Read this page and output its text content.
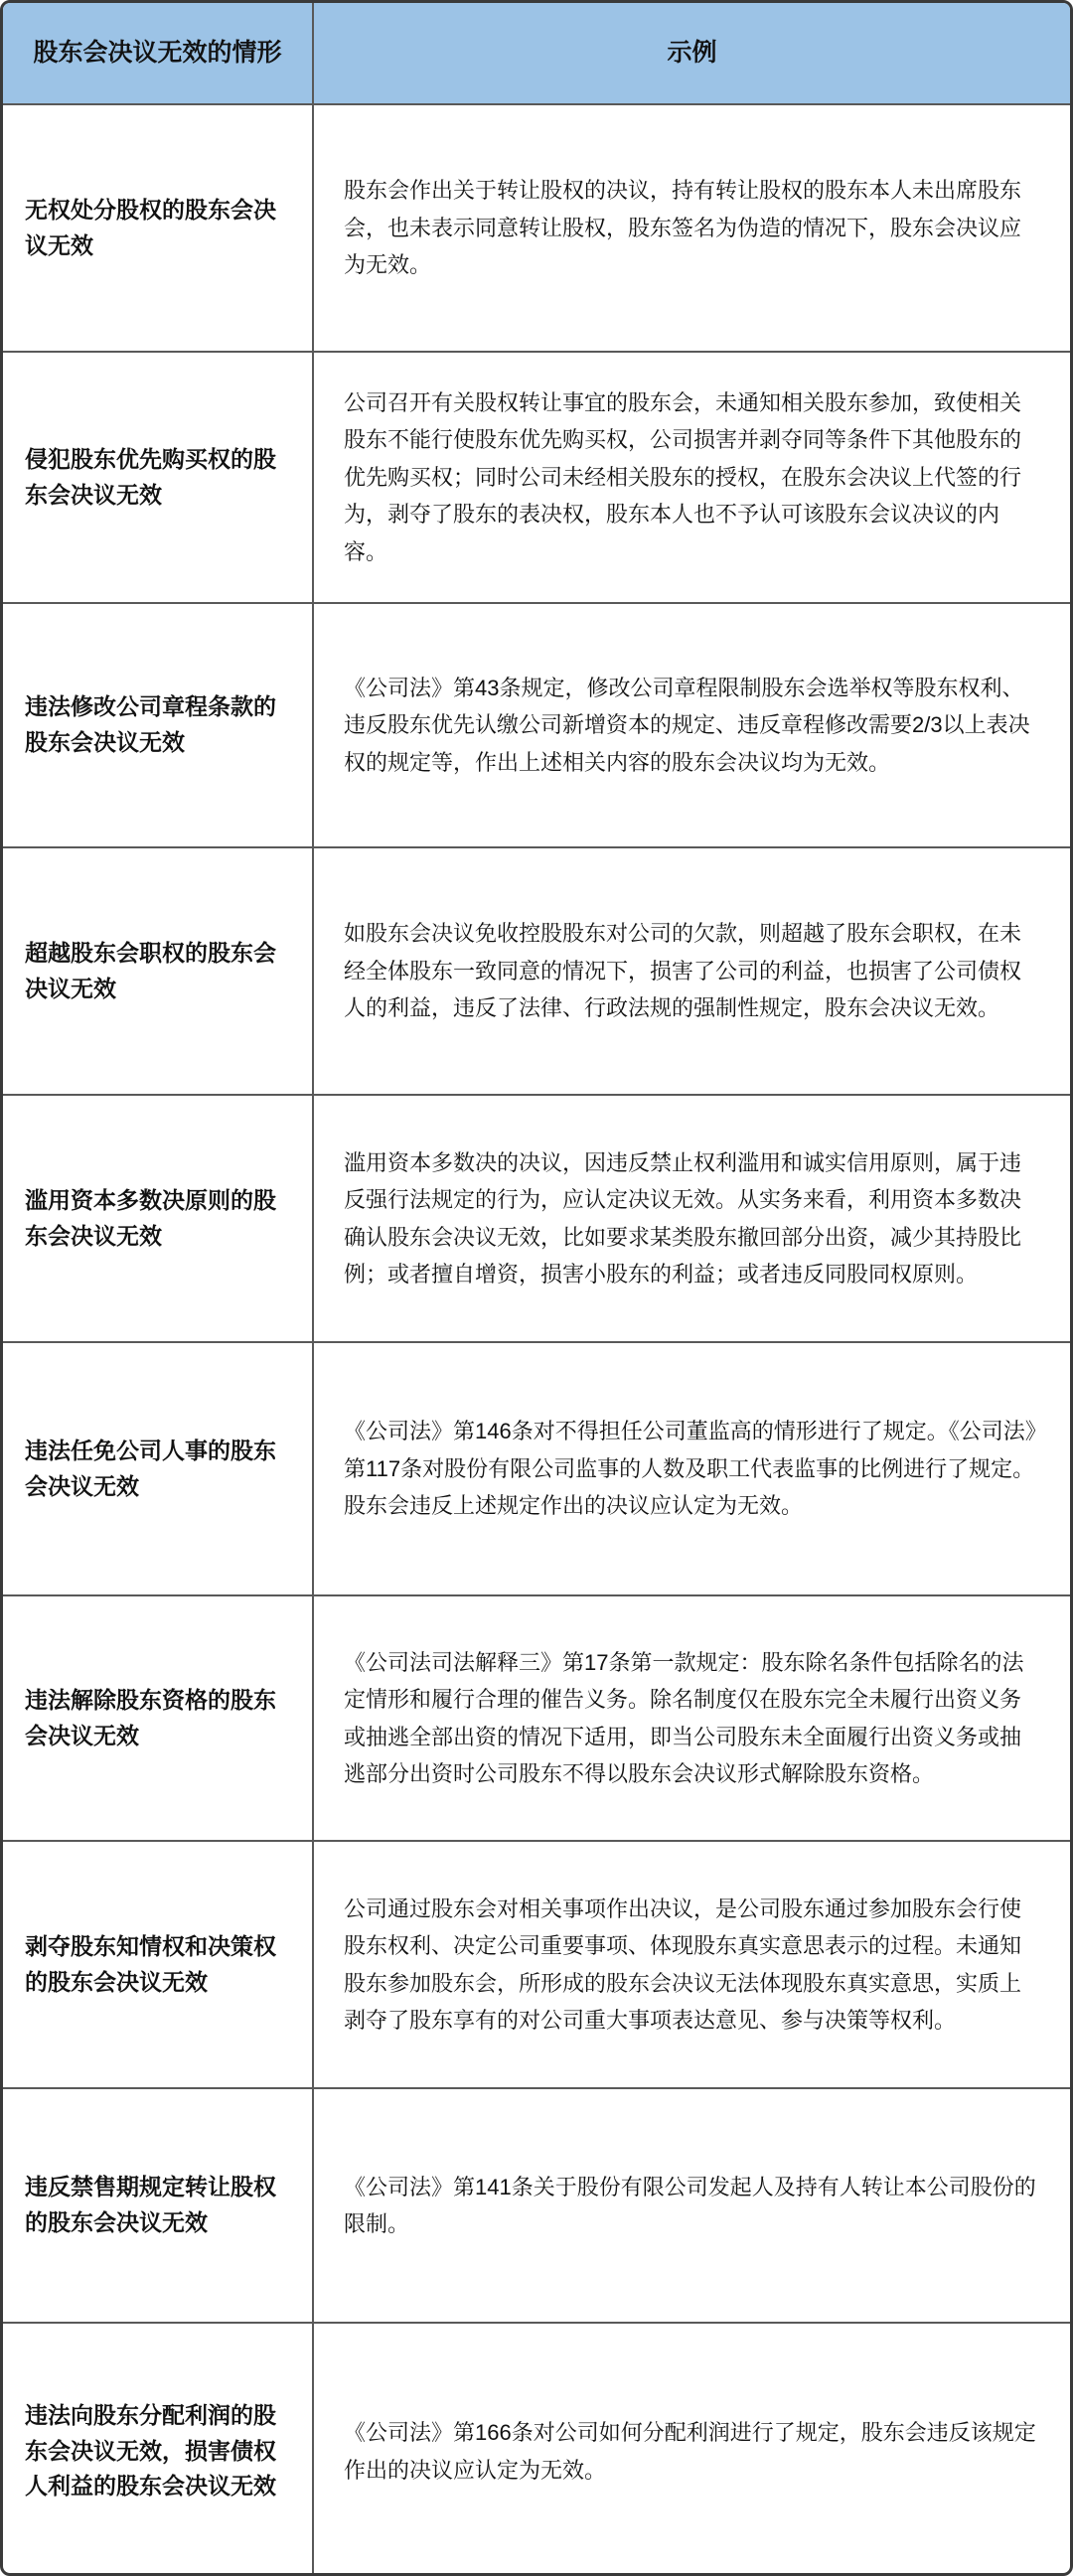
股东会决议无效的情形	示例
无权处分股权的股东会决议无效
股东会作出关于转让股权的决议，持有转让股权的股东本人未出席股东会，也未表示同意转让股权，股东签名为伪造的情况下，股东会决议应为无效。
侵犯股东优先购买权的股东会决议无效
公司召开有关股权转让事宜的股东会，未通知相关股东参加，致使相关股东不能行使股东优先购买权，公司损害并剥夺同等条件下其他股东的优先购买权；同时公司未经相关股东的授权，在股东会决议上代签的行为，剥夺了股东的表决权，股东本人也不予认可该股东会议决议的内容。
违法修改公司章程条款的股东会决议无效
《公司法》第43条规定，修改公司章程限制股东会选举权等股东权利、违反股东优先认缴公司新增资本的规定、违反章程修改需要2/3以上表决权的规定等，作出上述相关内容的股东会决议均为无效。
超越股东会职权的股东会决议无效
如股东会决议免收控股股东对公司的欠款，则超越了股东会职权，在未经全体股东一致同意的情况下，损害了公司的利益，也损害了公司债权人的利益，违反了法律、行政法规的强制性规定，股东会决议无效。
滥用资本多数决原则的股东会决议无效
滥用资本多数决的决议，因违反禁止权利滥用和诚实信用原则，属于违反强行法规定的行为，应认定决议无效。从实务来看，利用资本多数决确认股东会决议无效，比如要求某类股东撤回部分出资，减少其持股比例；或者擅自增资，损害小股东的利益；或者违反同股同权原则。
违法任免公司人事的股东会决议无效
《公司法》第146条对不得担任公司董监高的情形进行了规定。《公司法》第117条对股份有限公司监事的人数及职工代表监事的比例进行了规定。股东会违反上述规定作出的决议应认定为无效。
违法解除股东资格的股东会决议无效
《公司法司法解释三》第17条第一款规定：股东除名条件包括除名的法定情形和履行合理的催告义务。除名制度仅在股东完全未履行出资义务或抽逃全部出资的情况下适用，即当公司股东未全面履行出资义务或抽逃部分出资时公司股东不得以股东会决议形式解除股东资格。
剥夺股东知情权和决策权的股东会决议无效
公司通过股东会对相关事项作出决议，是公司股东通过参加股东会行使股东权利、决定公司重要事项、体现股东真实意思表示的过程。未通知股东参加股东会，所形成的股东会决议无法体现股东真实意思，实质上剥夺了股东享有的对公司重大事项表达意见、参与决策等权利。
违反禁售期规定转让股权的股东会决议无效
《公司法》第141条关于股份有限公司发起人及持有人转让本公司股份的限制。
违法向股东分配利润的股东会决议无效，损害债权人利益的股东会决议无效
《公司法》第166条对公司如何分配利润进行了规定，股东会违反该规定作出的决议应认定为无效。
